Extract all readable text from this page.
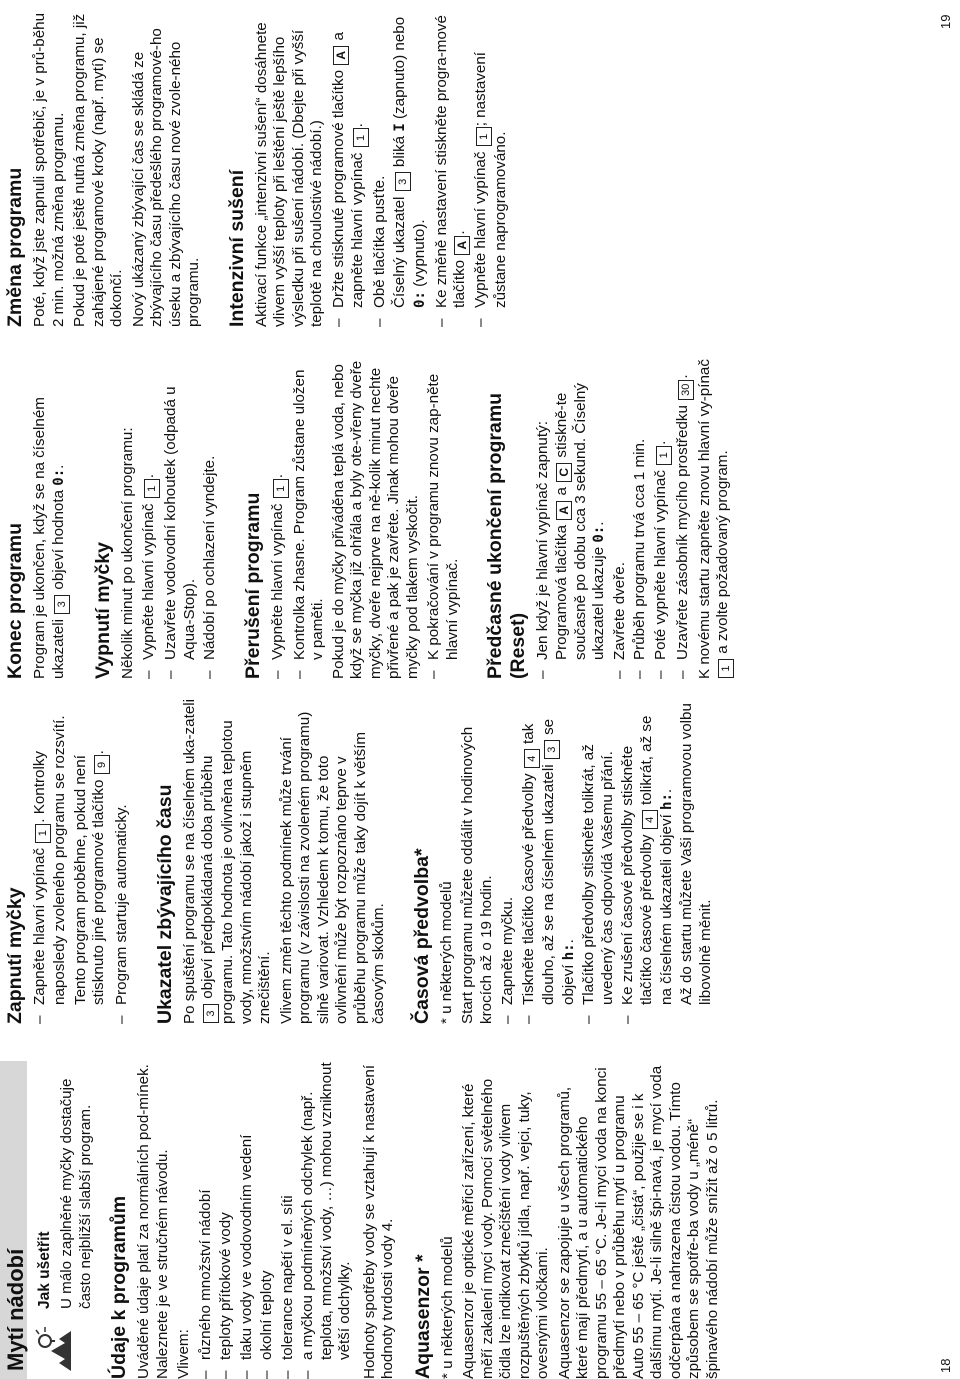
Mytí nádobí Jak ušetřit U málo zaplněné myčky dostačuje často nejbližší slabší program. Údaje k programům Uváděné údaje platí za normálních pod-mínek. Naleznete je ve stručném návodu. Vlivem: – různého množství nádobí – teploty přítokové vody – tlaku vody ve vodovodním vedení – okolní teploty – tolerance napětí v el. síti – a myčkou podmíněných odchylek (např. teplota, množství vody, …) mohou vzniknout větší odchylky. Hodnoty spotřeby vody se vztahují k nastavení hodnoty tvrdosti vody 4. Aquasenzor * * u některých modelů Aquasenzor je optické měřicí zařízení, které měří zakalení mycí vody. Pomocí světelného čidla lze indikovat znečištění vody vlivem rozpuštěných zbytků jídla, např. vejci, tuky, ovesnými vločkami. Aquasenzor se zapojuje u všech programů, které mají předmytí, a u automatického programu 55 – 65 °C. Je-li mycí voda na konci předmytí nebo v průběhu mytí u programu Auto 55 – 65 °C ještě „čistá“, použije se i k dalšímu mytí. Je-li silně špi-navá, je mycí voda odčerpána a nahrazena čistou vodou. Tímto způsobem se spotře-ba vody u „méně“ špinavého nádobí může snížit až o 5 litrů.

Zapnutí myčky – Zapněte hlavní vypínač 1. Kontrolky naposledy zvoleného programu se rozsvítí. Tento program proběhne, pokud není stisknuto jiné programové tlačítko 9.

– Program startuje automaticky. Ukazatel zbývajícího času Po spuštění programu se na číselném uka-zateli 3 objeví předpokládaná doba průběhu programu. Tato hodnota je ovlivněna teplotou vody, množstvím nádobí jakož i stupněm znečištění. Vlivem změn těchto podmínek může trvání programu (v závislosti na zvoleném programu) silně variovat. Vzhledem k tomu, že toto ovlivnění může být rozpoznáno teprve v průběhu programu může taky dojít k větším časovým skokům. Časová předvolba* * u některých modelů Start programu můžete oddálit v hodinových krocích až o 19 hodin. – Zapněte myčku. – Tiskněte tlačítko časové předvolby 4 tak dlouho, až se na číselném ukazateli 3 se objeví h:. – Tlačítko předvolby stiskněte tolikrát, až uvedený čas odpovídá Vašemu přání. – Ke zrušení časové předvolby stiskněte tlačítko časové předvolby 4 tolikrát, až se na číselném ukazateli objeví h:. Až do startu můžete Vaši programovou volbu libovolně měnit.

18
Konec programu Program je ukončen, když se na číselném ukazateli 3 objeví hodnota 0:.

Vypnutí myčky Několik minut po ukončení programu: – Vypněte hlavní vypínač 1. – Uzavřete vodovodní kohoutek (odpadá u Aqua-Stop). – Nádobí po ochlazení vyndejte. Přerušení programu – Vypněte hlavní vypínač 1. – Kontrolka zhasne. Program zůstane uložen v paměti. Pokud je do myčky přiváděna teplá voda, nebo když se myčka již ohřála a byly ote-vřeny dveře myčky, dveře nejprve na ně-kolik minut nechte přivřené a pak je zavřete. Jinak mohou dveře myčky pod tlakem vyskočit. – K pokračování v programu znovu zap-něte hlavní vypínač. Předčasné ukončení programu (Reset) – Jen když je hlavní vypínač zapnutý: Programová tlačítka A a C stiskně-te současně po dobu cca 3 sekund. Číselný ukazatel ukazuje 0:.
– Zavřete dveře. – Průběh programu trvá cca 1 min. – Poté vypněte hlavní vypínač 1. – Uzavřete zásobník mycího prostředku 30. K novému startu zapněte znovu hlavní vy-pínač 1 a zvolte požadovaný program.

Změna programu Poté, když jste zapnuli spotřebič, je v prů-běhu 2 min. možná změna programu. Pokud je poté ještě nutná změna programu, již zahájené programové kroky (např. mytí) se dokončí. Nový ukázaný zbývající čas se skládá ze zbývajícího času předešlého programové-ho úseku a zbývajícího času nové zvole-ného programu. Intenzivní sušení Aktivací funkce „intenzivní sušení“ dosáhnete vlivem vyšší teploty při leštění ještě lepšího výsledku při sušení nádobí. (Dbejte při vyšší teplotě na choulostivé nádobí.) – Držte stisknuté programové tlačítko A a zapněte hlavní vypínač 1.
– Obě tlačítka pusťte. Číselný ukazatel 3 bliká I (zapnuto) nebo 0: (vypnuto). – Ke změně nastavení stiskněte progra-mové tlačítko A. – Vypněte hlavní vypínač 1; nastavení zůstane naprogramováno.
19
